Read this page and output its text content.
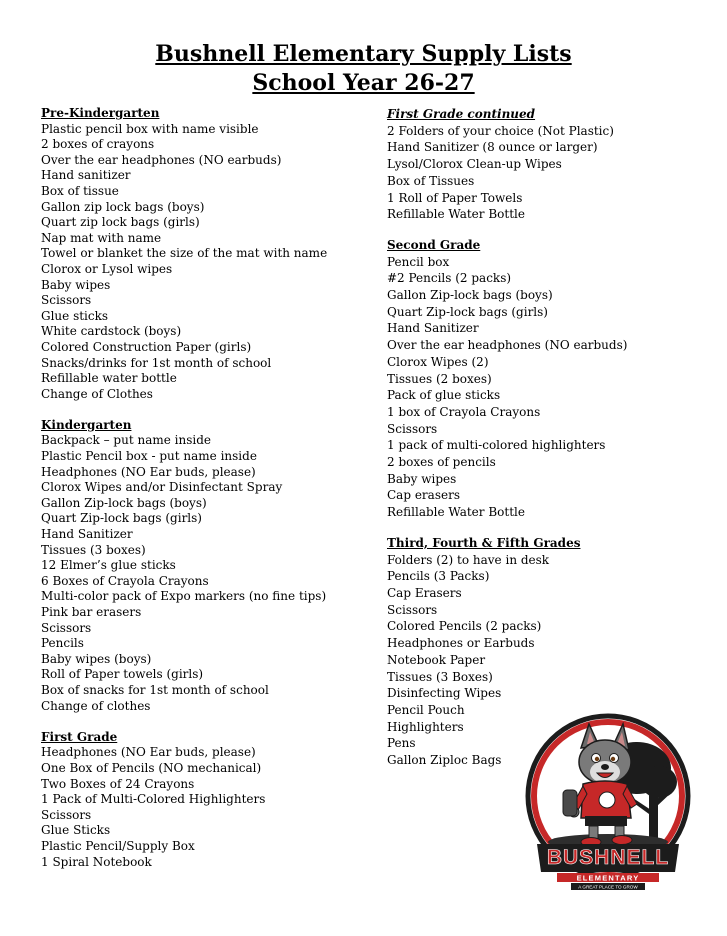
Bushnell Elementary Supply Lists
School Year 26-27
Pre-Kindergarten
Plastic pencil box with name visible
2 boxes of crayons
Over the ear headphones (NO earbuds)
Hand sanitizer
Box of tissue
Gallon zip lock bags (boys)
Quart zip lock bags (girls)
Nap mat with name
Towel or blanket the size of the mat with name
Clorox or Lysol wipes
Baby wipes
Scissors
Glue sticks
White cardstock (boys)
Colored Construction Paper (girls)
Snacks/drinks for 1st month of school
Refillable water bottle
Change of Clothes
Kindergarten
Backpack – put name inside
Plastic Pencil box - put name inside
Headphones (NO Ear buds, please)
Clorox Wipes and/or Disinfectant Spray
Gallon Zip-lock bags (boys)
Quart Zip-lock bags (girls)
Hand Sanitizer
Tissues (3 boxes)
12 Elmer’s glue sticks
6 Boxes of Crayola Crayons
Multi-color pack of Expo markers (no fine tips)
Pink bar erasers
Scissors
Pencils
Baby wipes (boys)
Roll of Paper towels (girls)
Box of snacks for 1st month of school
Change of clothes
First Grade
Headphones (NO Ear buds, please)
One Box of Pencils (NO mechanical)
Two Boxes of 24 Crayons
1 Pack of Multi-Colored Highlighters
Scissors
Glue Sticks
Plastic Pencil/Supply Box
1 Spiral Notebook
First Grade continued
2 Folders of your choice (Not Plastic)
Hand Sanitizer (8 ounce or larger)
Lysol/Clorox Clean-up Wipes
Box of Tissues
1 Roll of Paper Towels
Refillable Water Bottle
Second Grade
Pencil box
#2 Pencils (2 packs)
Gallon Zip-lock bags (boys)
Quart Zip-lock bags (girls)
Hand Sanitizer
Over the ear headphones (NO earbuds)
Clorox Wipes (2)
Tissues (2 boxes)
Pack of glue sticks
1 box of Crayola Crayons
Scissors
1 pack of multi-colored highlighters
2 boxes of pencils
Baby wipes
Cap erasers
Refillable Water Bottle
Third, Fourth & Fifth Grades
Folders (2) to have in desk
Pencils (3 Packs)
Cap Erasers
Scissors
Colored Pencils (2 packs)
Headphones or Earbuds
Notebook Paper
Tissues (3 Boxes)
Disinfecting Wipes
Pencil Pouch
Highlighters
Pens
Gallon Ziploc Bags
BUSHNELL
ELEMENTARY
A GREAT PLACE TO GROW
